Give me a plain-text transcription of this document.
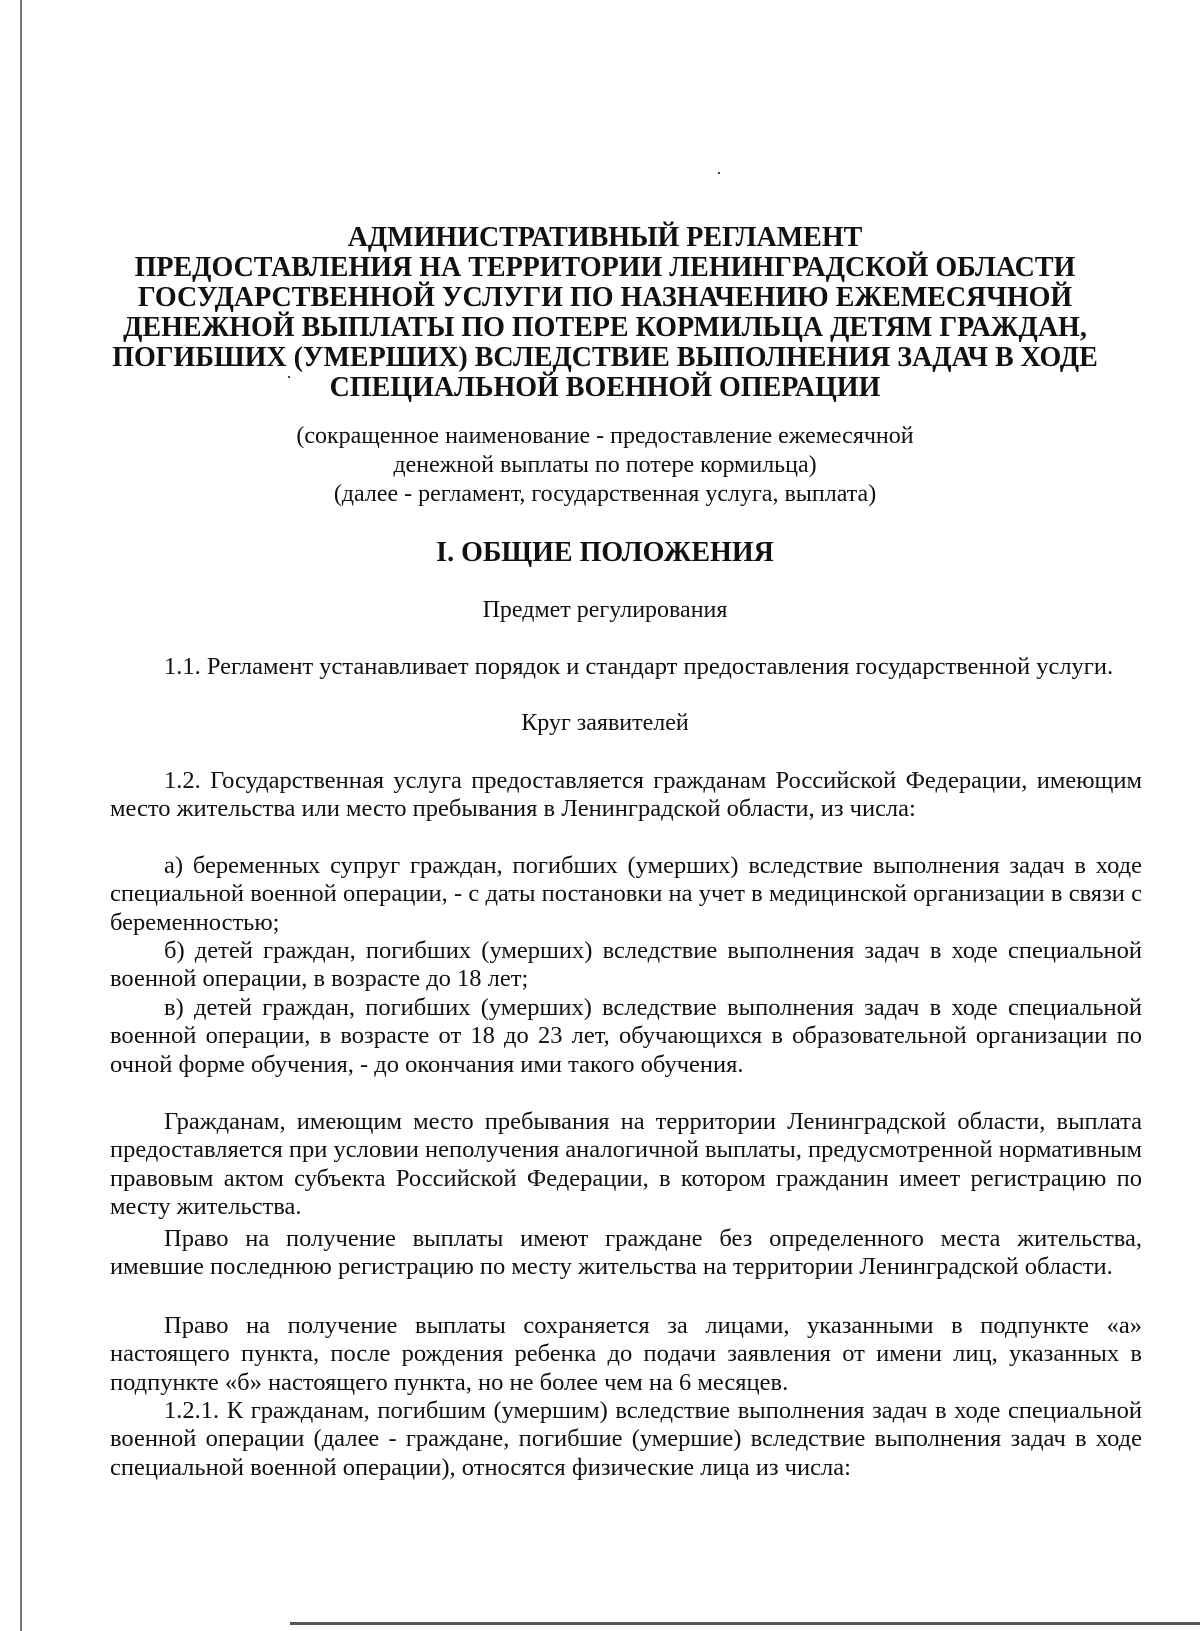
АДМИНИСТРАТИВНЫЙ РЕГЛАМЕНТ
ПРЕДОСТАВЛЕНИЯ НА ТЕРРИТОРИИ ЛЕНИНГРАДСКОЙ ОБЛАСТИ
ГОСУДАРСТВЕННОЙ УСЛУГИ ПО НАЗНАЧЕНИЮ ЕЖЕМЕСЯЧНОЙ
ДЕНЕЖНОЙ ВЫПЛАТЫ ПО ПОТЕРЕ КОРМИЛЬЦА ДЕТЯМ ГРАЖДАН,
ПОГИБШИХ (УМЕРШИХ) ВСЛЕДСТВИЕ ВЫПОЛНЕНИЯ ЗАДАЧ В ХОДЕ
СПЕЦИАЛЬНОЙ ВОЕННОЙ ОПЕРАЦИИ
(сокращенное наименование - предоставление ежемесячной
денежной выплаты по потере кормильца)
(далее - регламент, государственная услуга, выплата)
I. ОБЩИЕ ПОЛОЖЕНИЯ
Предмет регулирования

1.1. Регламент устанавливает порядок и стандарт предоставления государственной услуги.

Круг заявителей

1.2. Государственная услуга предоставляется гражданам Российской Федерации, имеющим место жительства или место пребывания в Ленинградской области, из числа:

а) беременных супруг граждан, погибших (умерших) вследствие выполнения задач в ходе специальной военной операции, - с даты постановки на учет в медицинской организации в связи с беременностью;

б) детей граждан, погибших (умерших) вследствие выполнения задач в ходе специальной военной операции, в возрасте до 18 лет;

в) детей граждан, погибших (умерших) вследствие выполнения задач в ходе специальной военной операции, в возрасте от 18 до 23 лет, обучающихся в образовательной организации по очной форме обучения, - до окончания ими такого обучения.

Гражданам, имеющим место пребывания на территории Ленинградской области, выплата предоставляется при условии неполучения аналогичной выплаты, предусмотренной нормативным правовым актом субъекта Российской Федерации, в котором гражданин имеет регистрацию по месту жительства.

Право на получение выплаты имеют граждане без определенного места жительства, имевшие последнюю регистрацию по месту жительства на территории Ленинградской области.

Право на получение выплаты сохраняется за лицами, указанными в подпункте «а» настоящего пункта, после рождения ребенка до подачи заявления от имени лиц, указанных в подпункте «б» настоящего пункта, но не более чем на 6 месяцев.

1.2.1. К гражданам, погибшим (умершим) вследствие выполнения задач в ходе специальной военной операции (далее - граждане, погибшие (умершие) вследствие выполнения задач в ходе специальной военной операции), относятся физические лица из числа:
